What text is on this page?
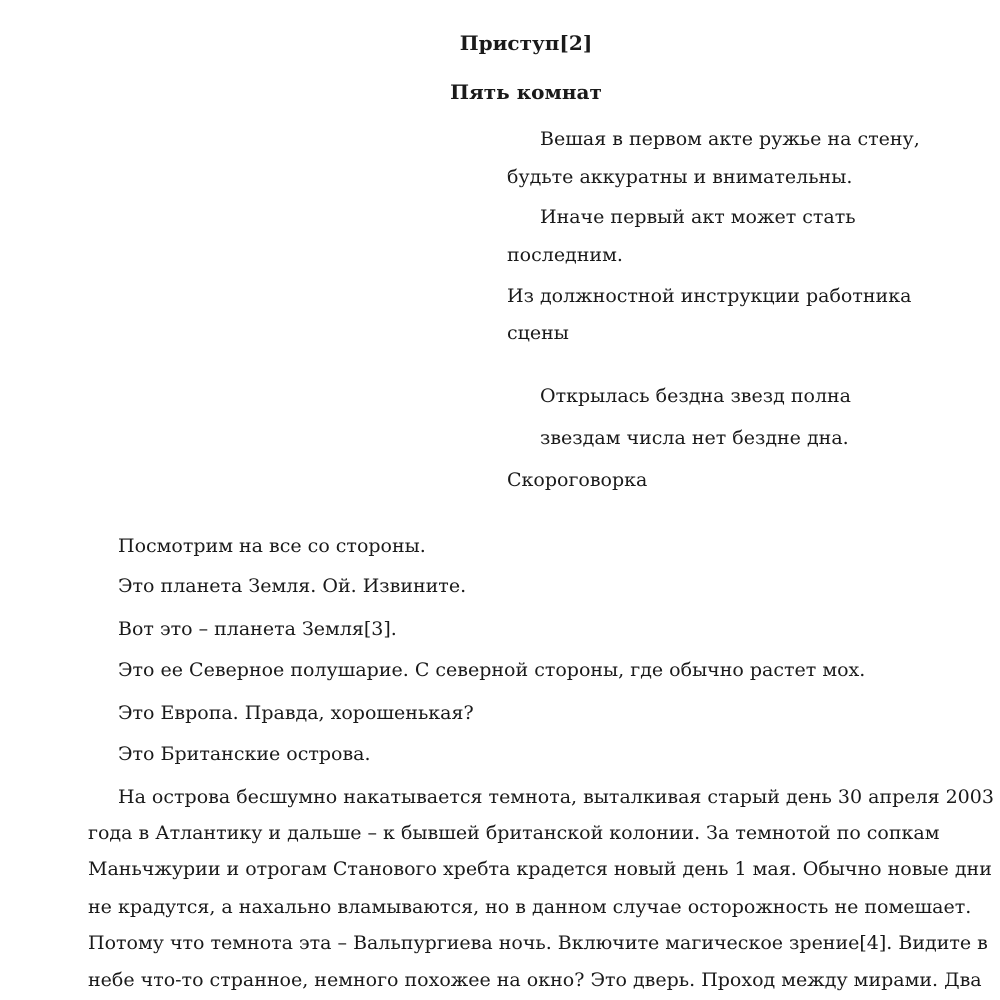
Приступ[2]
Пять комнат
Вешая в первом акте ружье на стену,
будьте аккуратны и внимательны.
Иначе первый акт может стать
последним.
Из должностной инструкции работника
сцены
Открылась бездна звезд полна
звездам числа нет бездне дна.
Скороговорка
Посмотрим на все со стороны.
Это планета Земля. Ой. Извините.
Вот это – планета Земля[3].
Это ее Северное полушарие. С северной стороны, где обычно растет мох.
Это Европа. Правда, хорошенькая?
Это Британские острова.
На острова бесшумно накатывается темнота, выталкивая старый день 30 апреля 2003
года в Атлантику и дальше – к бывшей британской колонии. За темнотой по сопкам
Маньчжурии и отрогам Станового хребта крадется новый день 1 мая. Обычно новые дни
не крадутся, а нахально вламываются, но в данном случае осторожность не помешает.
Потому что темнота эта – Вальпургиева ночь. Включите магическое зрение[4]. Видите в
небе что-то странное, немного похожее на окно? Это дверь. Проход между мирами. Два
